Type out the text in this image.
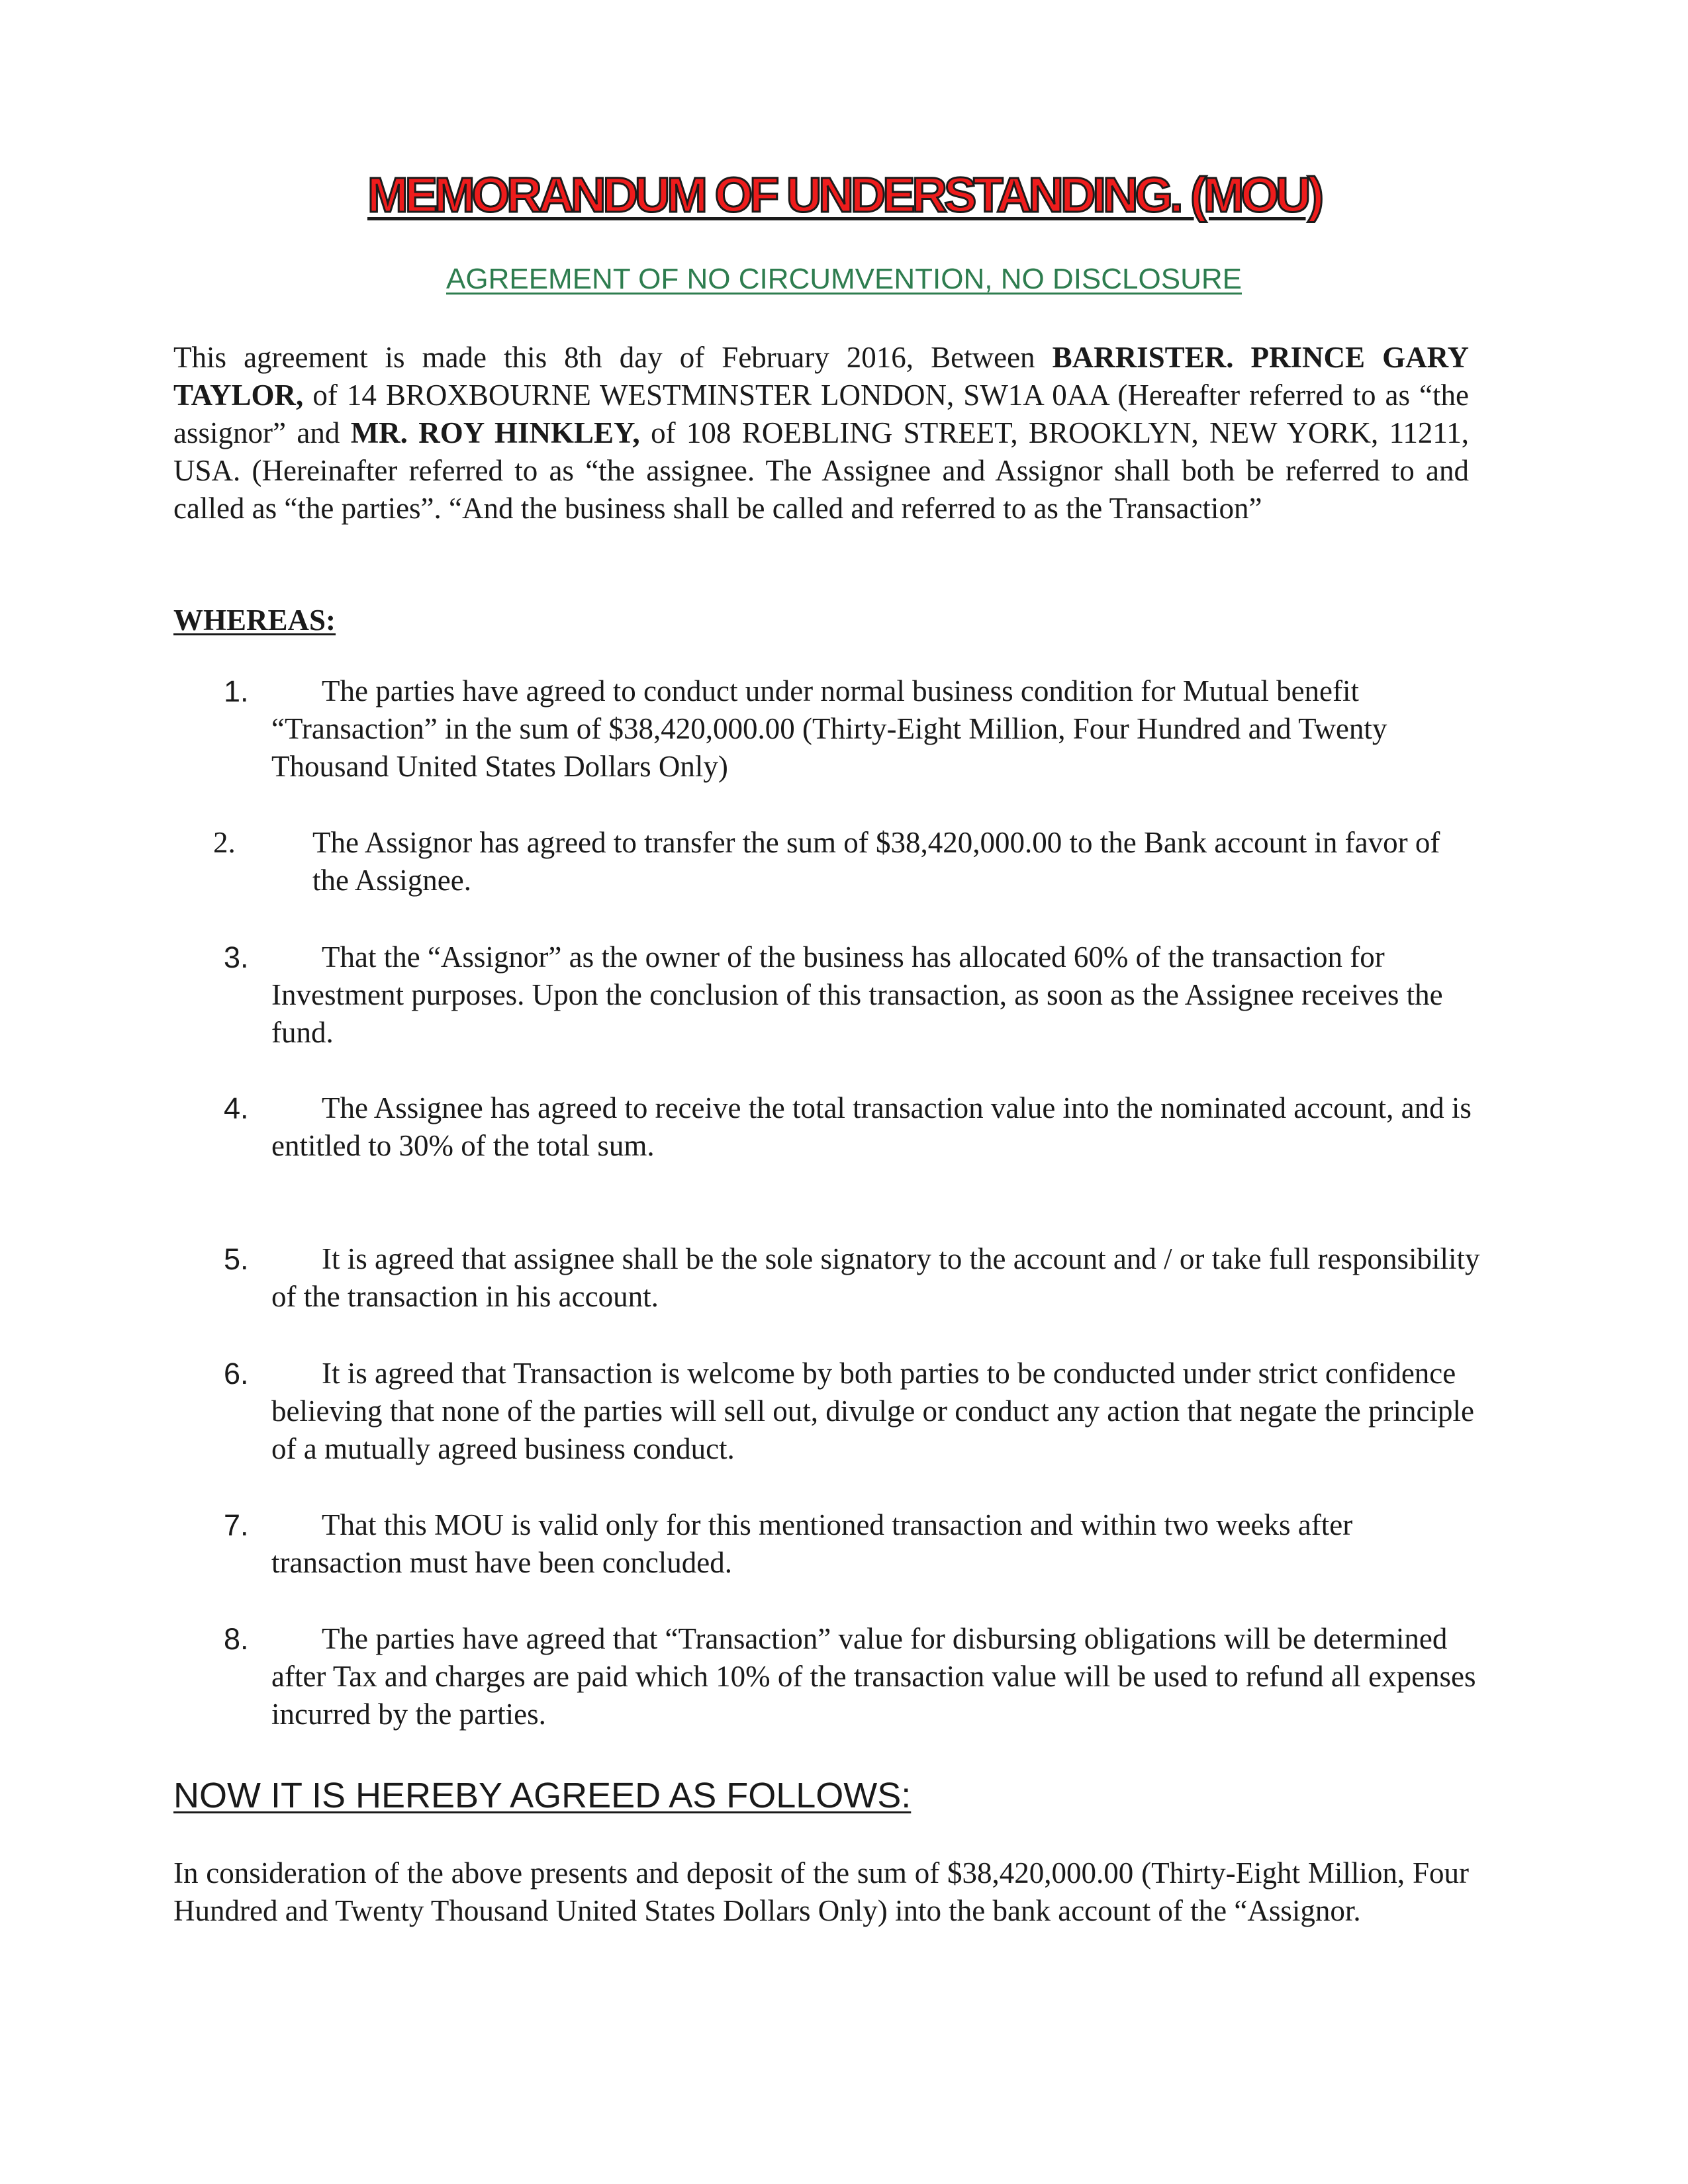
MEMORANDUM OF UNDERSTANDING. (MOU)
AGREEMENT OF NO CIRCUMVENTION, NO DISCLOSURE

This agreement is made this 8th day of February 2016, Between BARRISTER. PRINCE GARY TAYLOR, of 14 BROXBOURNE WESTMINSTER LONDON, SW1A 0AA (Hereafter referred to as “the assignor” and MR. ROY HINKLEY, of 108 ROEBLING STREET, BROOKLYN, NEW YORK, 11211, USA. (Hereinafter referred to as “the assignee. The Assignee and Assignor shall both be referred to and called as “the parties”. “And the business shall be called and referred to as the Transaction”

WHEREAS:

1.	The parties have agreed to conduct under normal business condition for Mutual benefit “Transaction” in the sum of $38,420,000.00 (Thirty-Eight Million, Four Hundred and Twenty Thousand United States Dollars Only)

2.	The Assignor has agreed to transfer the sum of $38,420,000.00 to the Bank account in favor of the Assignee.

3.	That the “Assignor” as the owner of the business has allocated 60% of the transaction for Investment purposes. Upon the conclusion of this transaction, as soon as the Assignee receives the fund.

4.	The Assignee has agreed to receive the total transaction value into the nominated account, and is entitled to 30% of the total sum.

5.	It is agreed that assignee shall be the sole signatory to the account and / or take full responsibility of the transaction in his account.

6.	It is agreed that Transaction is welcome by both parties to be conducted under strict confidence believing that none of the parties will sell out, divulge or conduct any action that negate the principle of a mutually agreed business conduct.

7.	That this MOU is valid only for this mentioned transaction and within two weeks after transaction must have been concluded.

8.	The parties have agreed that “Transaction” value for disbursing obligations will be determined after Tax and charges are paid which 10% of the transaction value will be used to refund all expenses incurred by the parties.

NOW IT IS HEREBY AGREED AS FOLLOWS:

In consideration of the above presents and deposit of the sum of $38,420,000.00 (Thirty-Eight Million, Four Hundred and Twenty Thousand United States Dollars Only) into the bank account of the “Assignor.
